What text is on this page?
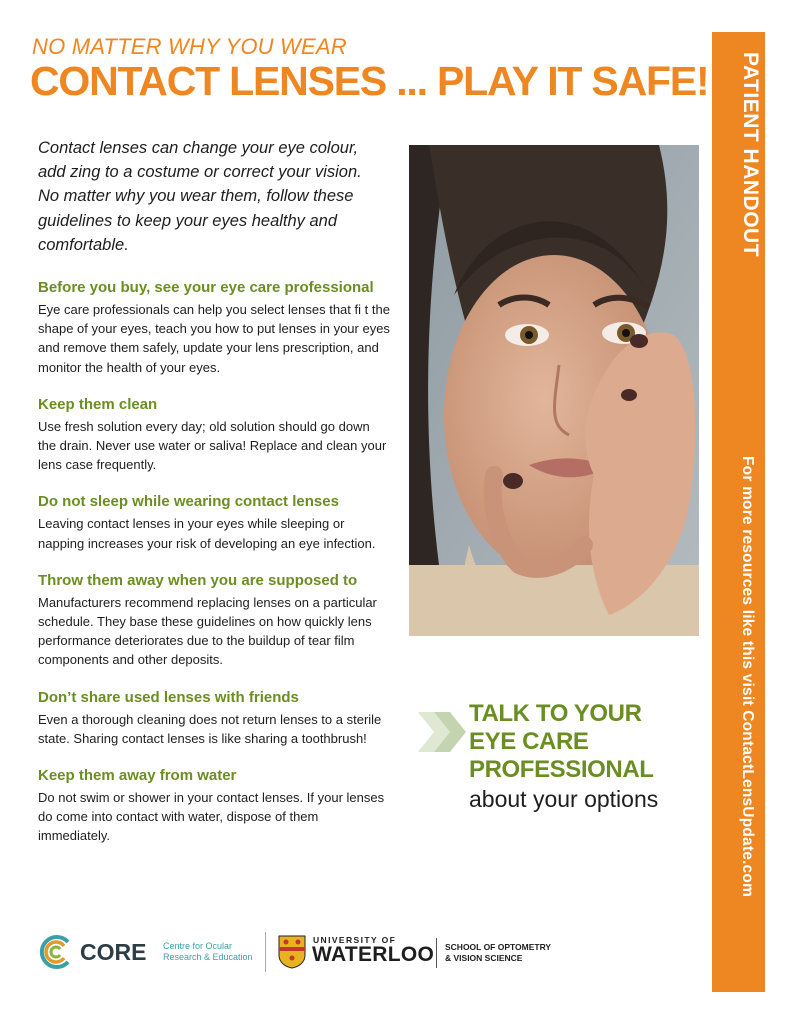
NO MATTER WHY YOU WEAR
CONTACT LENSES ... PLAY IT SAFE!
Contact lenses can change your eye colour, add zing to a costume or correct your vision. No matter why you wear them, follow these guidelines to keep your eyes healthy and comfortable.
Before you buy, see your eye care professional

Eye care professionals can help you select lenses that fi t the shape of your eyes, teach you how to put lenses in your eyes and remove them safely, update your lens prescription, and monitor the health of your eyes.

Keep them clean

Use fresh solution every day; old solution should go down the drain. Never use water or saliva! Replace and clean your lens case frequently.

Do not sleep while wearing contact lenses

Leaving contact lenses in your eyes while sleeping or napping increases your risk of developing an eye infection.

Throw them away when you are supposed to

Manufacturers recommend replacing lenses on a particular schedule. They base these guidelines on how quickly lens performance deteriorates due to the buildup of tear film components and other deposits.

Don’t share used lenses with friends

Even a thorough cleaning does not return lenses to a sterile state. Sharing contact lenses is like sharing a toothbrush!

Keep them away from water

Do not swim or shower in your contact lenses. If your lenses do come into contact with water, dispose of them immediately.

PATIENT HANDOUT
For more resources like this visit ContactLensUpdate.com
TALK TO YOUR
EYE CARE
PROFESSIONAL
about your options
CORE Centre for Ocular
Research & Education
UNIVERSITY OF
WATERLOO SCHOOL OF OPTOMETRY
& VISION SCIENCE
